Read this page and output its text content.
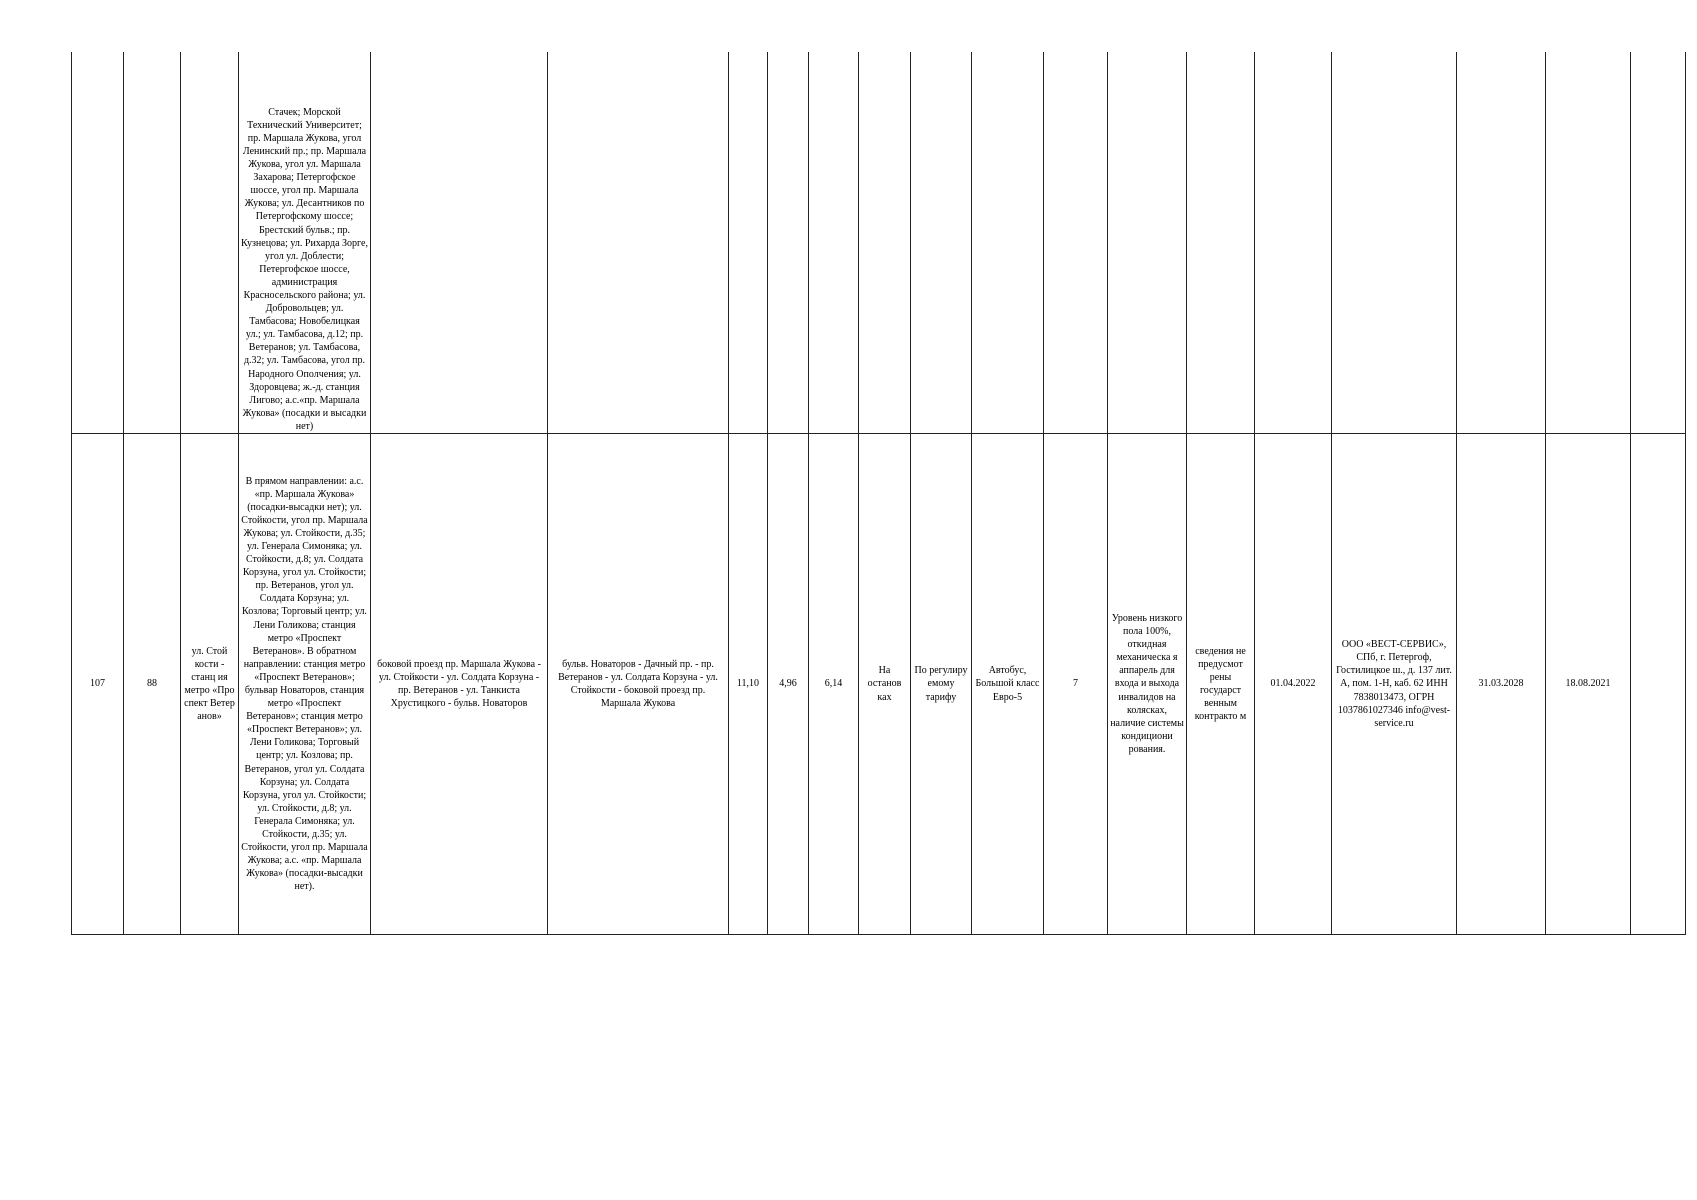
			Стачек; Морской Технический Университет; пр. Маршала Жукова, угол Ленинский пр.; пр. Маршала Жукова, угол ул. Маршала Захарова; Петергофское шоссе, угол пр. Маршала Жукова; ул. Десантников по Петергофскому шоссе; Брестский бульв.; пр. Кузнецова; ул. Рихарда Зорге, угол ул. Доблести; Петергофское шоссе, администрация Красносельского района; ул. Добровольцев; ул. Тамбасова; Новобелицкая ул.; ул. Тамбасова, д.12; пр. Ветеранов; ул. Тамбасова, д.32; ул. Тамбасова, угол пр. Народного Ополчения; ул. Здоровцева; ж.-д. станция Лигово; а.с.«пр. Маршала Жукова» (посадки и высадки нет)																
107	88	ул. Стой кости - станц ия метро «Про спект Ветер анов»	В прямом направлении: а.с. «пр. Маршала Жукова» (посадки-высадки нет); ул. Стойкости, угол пр. Маршала Жукова; ул. Стойкости, д.35; ул. Генерала Симоняка; ул. Стойкости, д.8; ул. Солдата Корзуна, угол ул. Стойкости; пр. Ветеранов, угол ул. Солдата Корзуна; ул. Козлова; Торговый центр; ул. Лени Голикова; станция метро «Проспект Ветеранов». В обратном направлении: станция метро «Проспект Ветеранов»; бульвар Новаторов, станция метро «Проспект Ветеранов»; станция метро «Проспект Ветеранов»; ул. Лени Голикова; Торговый центр; ул. Козлова; пр. Ветеранов, угол ул. Солдата Корзуна; ул. Солдата Корзуна, угол ул. Стойкости; ул. Стойкости, д.8; ул. Генерала Симоняка; ул. Стойкости, д.35; ул. Стойкости, угол пр. Маршала Жукова; а.с. «пр. Маршала Жукова» (посадки-высадки нет).	боковой проезд пр. Маршала Жукова - ул. Стойкости - ул. Солдата Корзуна - пр. Ветеранов - ул. Танкиста Хрустицкого - бульв. Новаторов	бульв. Новаторов - Дачный пр. - пр. Ветеранов - ул. Солдата Корзуна - ул. Стойкости - боковой проезд пр. Маршала Жукова	11,10	4,96	6,14	На останов ках	По регулиру емому тарифу	Автобус, Большой класс Евро-5	7	Уровень низкого пола 100%, откидная механическа я аппарель для входа и выхода инвалидов на колясках, наличие системы кондициони рования.	сведения не предусмот рены государст венным контракто м	01.04.2022	ООО «ВЕСТ-СЕРВИС», СПб, г. Петергоф, Гостилицкое ш., д. 137 лит. А, пом. 1-Н, каб. 62 ИНН 7838013473, ОГРН 1037861027346 info@vest-service.ru	31.03.2028	18.08.2021	
